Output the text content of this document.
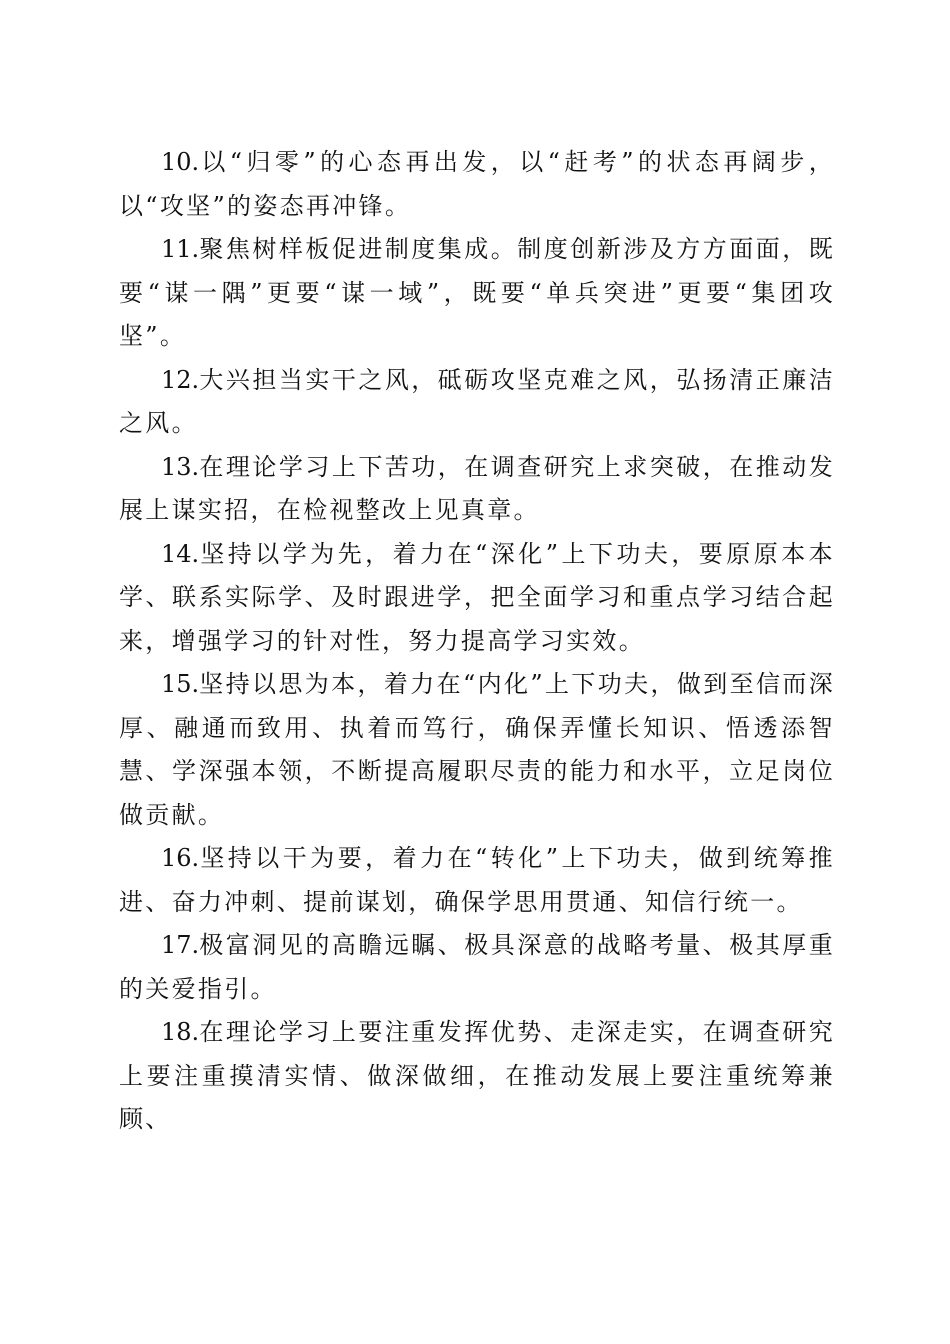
10.以“归零”的心态再出发，以“赶考”的状态再阔步，以“攻坚”的姿态再冲锋。

11.聚焦树样板促进制度集成。制度创新涉及方方面面，既要“谋一隅”更要“谋一域”，既要“单兵突进”更要“集团攻坚”。

12.大兴担当实干之风，砥砺攻坚克难之风，弘扬清正廉洁之风。

13.在理论学习上下苦功，在调查研究上求突破，在推动发展上谋实招，在检视整改上见真章。

14.坚持以学为先，着力在“深化”上下功夫，要原原本本学、联系实际学、及时跟进学，把全面学习和重点学习结合起来，增强学习的针对性，努力提高学习实效。

15.坚持以思为本，着力在“内化”上下功夫，做到至信而深厚、融通而致用、执着而笃行，确保弄懂长知识、悟透添智慧、学深强本领，不断提高履职尽责的能力和水平，立足岗位做贡献。

16.坚持以干为要，着力在“转化”上下功夫，做到统筹推进、奋力冲刺、提前谋划，确保学思用贯通、知信行统一。

17.极富洞见的高瞻远瞩、极具深意的战略考量、极其厚重的关爱指引。

18.在理论学习上要注重发挥优势、走深走实，在调查研究上要注重摸清实情、做深做细，在推动发展上要注重统筹兼顾、
